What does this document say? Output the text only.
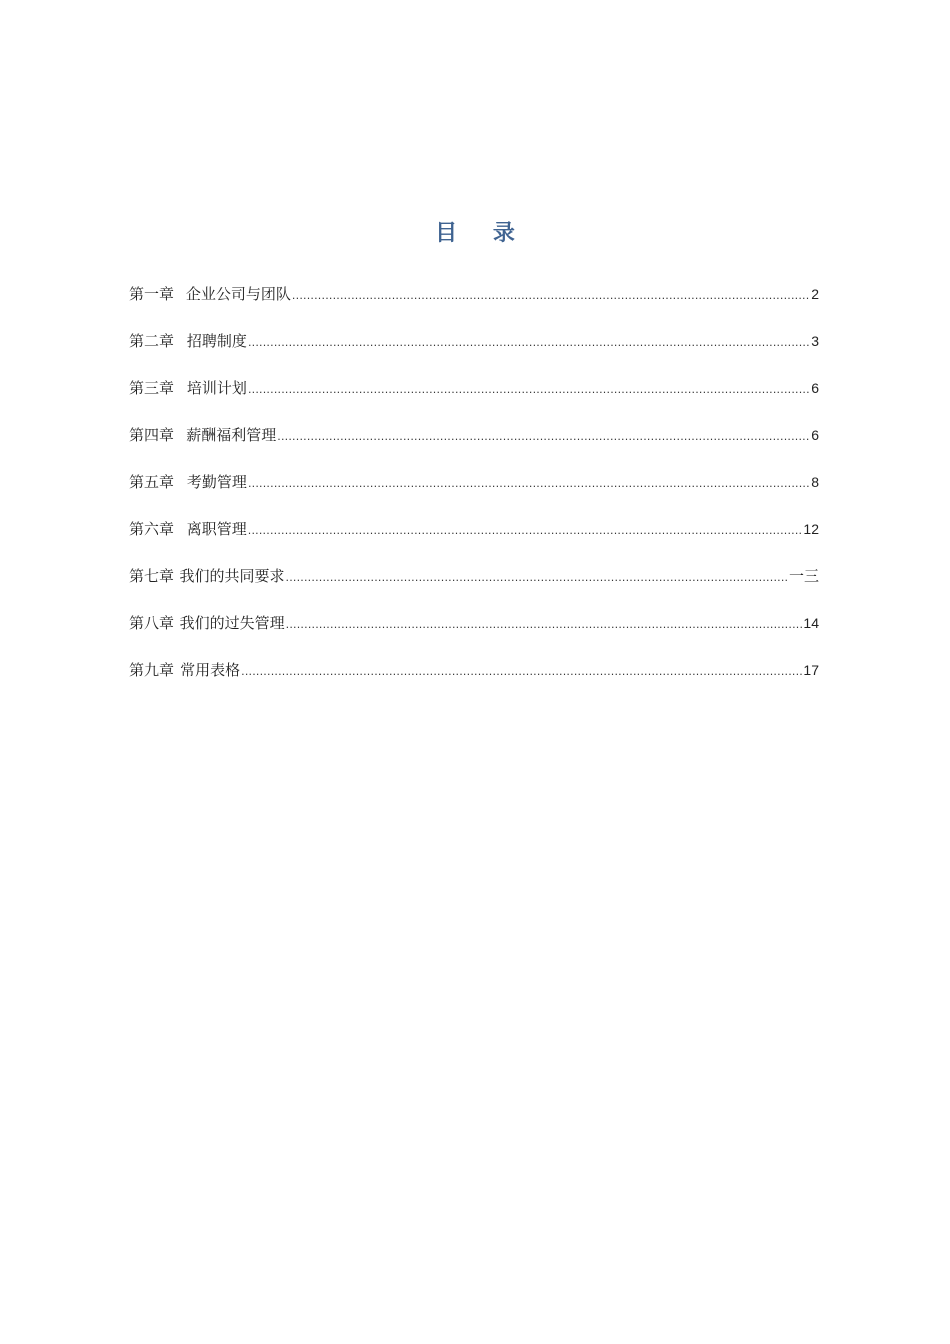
目 录
第一章 企业公司与团队 .....	2
第二章 招聘制度 .....	3
第三章 培训计划 .....	6
第四章 薪酬福利管理 .....	6
第五章 考勤管理 .....	8
第六章 离职管理 .....	12
第七章 我们的共同要求 .....	一三
第八章 我们的过失管理 .....	14
第九章 常用表格 .....	17
